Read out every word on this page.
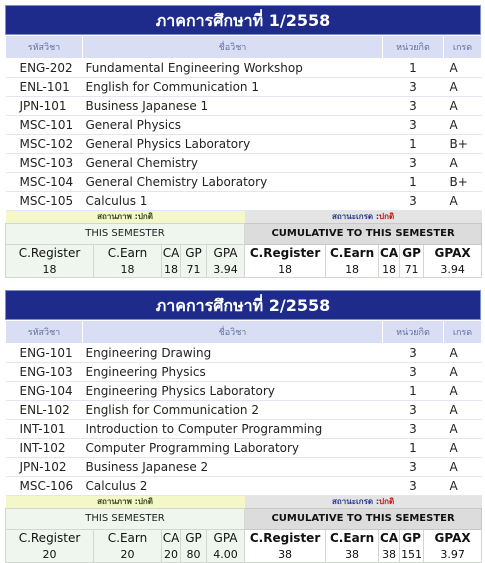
ภาคการศึกษาที่ 1/2558
รหัสวิชา	ชื่อวิชา	หน่วยกิต	เกรด
ENG-202	Fundamental Engineering Workshop	1	A
ENL-101	English for Communication 1	3	A
JPN-101	Business Japanese 1	3	A
MSC-101	General Physics	3	A
MSC-102	General Physics Laboratory	1	B+
MSC-103	General Chemistry	3	A
MSC-104	General Chemistry Laboratory	1	B+
MSC-105	Calculus 1	3	A
สถานภาพ :ปกติ					สถานะเกรด :ปกติ				
THIS SEMESTER					CUMULATIVE TO THIS SEMESTER				
C.Register	C.Earn	CA	GP	GPA	C.Register	C.Earn	CA	GP	GPAX
18	18	18	71	3.94	18	18	18	71	3.94
ภาคการศึกษาที่ 2/2558
รหัสวิชา	ชื่อวิชา	หน่วยกิต	เกรด
ENG-101	Engineering Drawing	3	A
ENG-103	Engineering Physics	3	A
ENG-104	Engineering Physics Laboratory	1	A
ENL-102	English for Communication 2	3	A
INT-101	Introduction to Computer Programming	3	A
INT-102	Computer Programming Laboratory	1	A
JPN-102	Business Japanese 2	3	A
MSC-106	Calculus 2	3	A
สถานภาพ :ปกติ					สถานะเกรด :ปกติ				
THIS SEMESTER					CUMULATIVE TO THIS SEMESTER				
C.Register	C.Earn	CA	GP	GPA	C.Register	C.Earn	CA	GP	GPAX
20	20	20	80	4.00	38	38	38	151	3.97
